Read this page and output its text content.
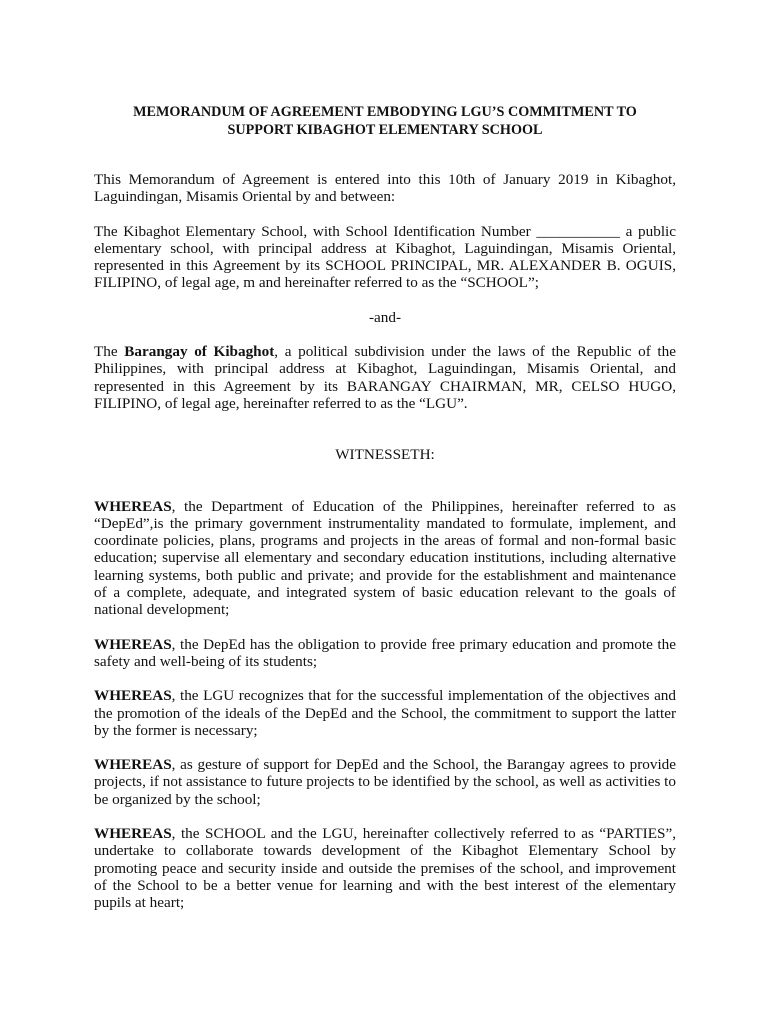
MEMORANDUM OF AGREEMENT EMBODYING LGU’S COMMITMENT TO
SUPPORT KIBAGHOT ELEMENTARY SCHOOL

This Memorandum of Agreement is entered into this 10th of January 2019 in Kibaghot, Laguindingan, Misamis Oriental by and between:

The Kibaghot Elementary School, with School Identification Number ___________ a public elementary school, with principal address at Kibaghot, Laguindingan, Misamis Oriental, represented in this Agreement by its SCHOOL PRINCIPAL, MR. ALEXANDER B. OGUIS, FILIPINO, of legal age, m and hereinafter referred to as the “SCHOOL”;

-and-

The Barangay of Kibaghot, a political subdivision under the laws of the Republic of the Philippines, with principal address at Kibaghot, Laguindingan, Misamis Oriental, and represented in this Agreement by its BARANGAY CHAIRMAN, MR, CELSO HUGO, FILIPINO, of legal age, hereinafter referred to as the “LGU”.

WITNESSETH:

WHEREAS, the Department of Education of the Philippines, hereinafter referred to as “DepEd”,is the primary government instrumentality mandated to formulate, implement, and coordinate policies, plans, programs and projects in the areas of formal and non-formal basic education; supervise all elementary and secondary education institutions, including alternative learning systems, both public and private; and provide for the establishment and maintenance of a complete, adequate, and integrated system of basic education relevant to the goals of national development;

WHEREAS, the DepEd has the obligation to provide free primary education and promote the safety and well-being of its students;

WHEREAS, the LGU recognizes that for the successful implementation of the objectives and the promotion of the ideals of the DepEd and the School, the commitment to support the latter by the former is necessary;

WHEREAS, as gesture of support for DepEd and the School, the Barangay agrees to provide projects, if not assistance to future projects to be identified by the school, as well as activities to be organized by the school;

WHEREAS, the SCHOOL and the LGU, hereinafter collectively referred to as “PARTIES”, undertake to collaborate towards development of the Kibaghot Elementary School by promoting peace and security inside and outside the premises of the school, and improvement of the School to be a better venue for learning and with the best interest of the elementary pupils at heart;
